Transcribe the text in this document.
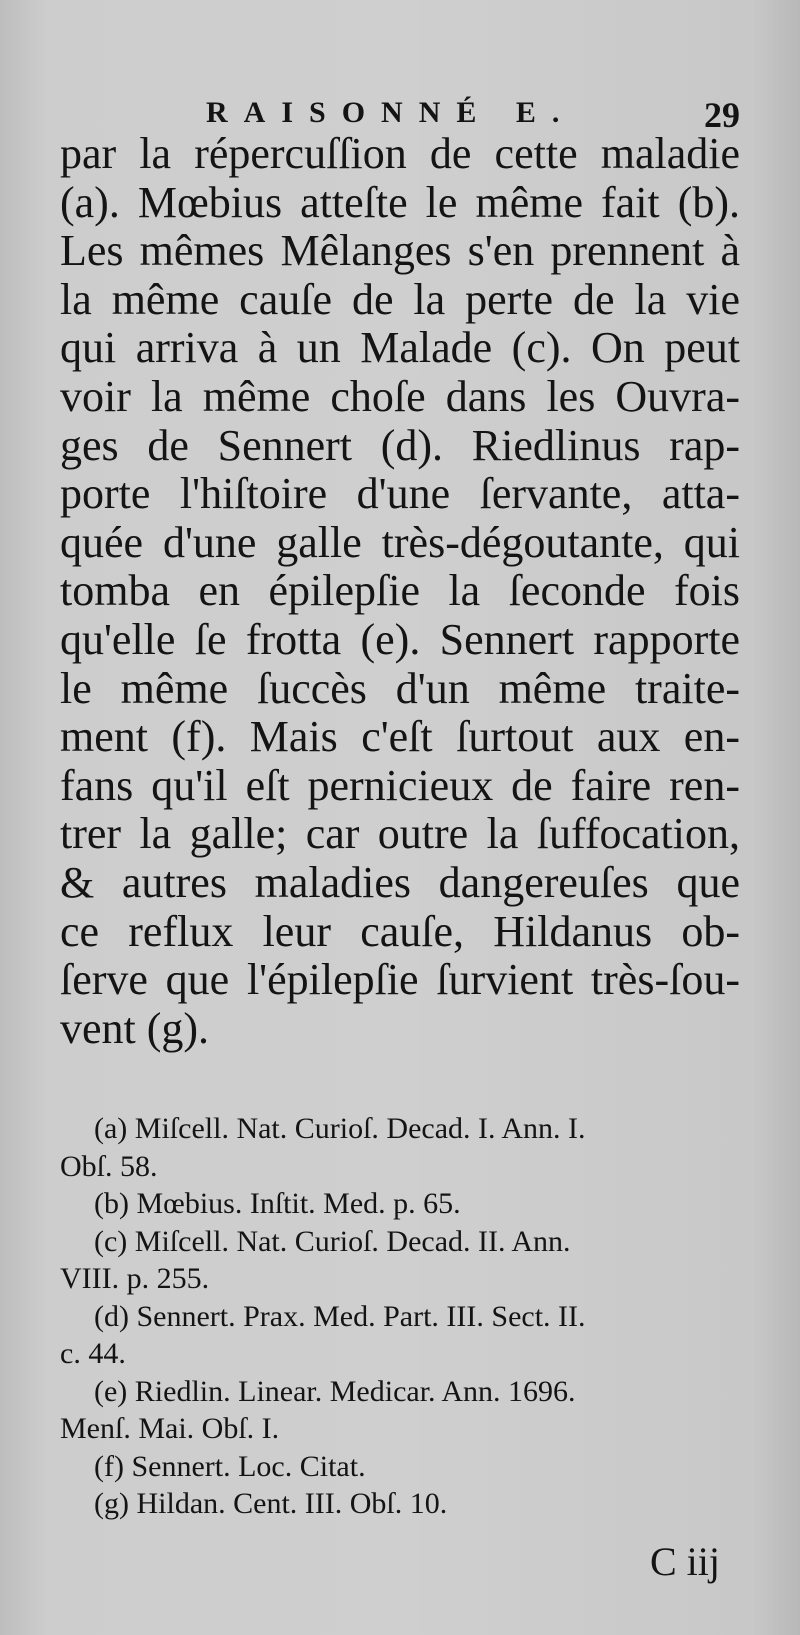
RAISONNÉ E.	29
par la répercuſſion de cette maladie
(a). Mœbius atteſte le même fait (b).
Les mêmes Mêlanges s'en prennent à
la même cauſe de la perte de la vie
qui arriva à un Malade (c). On peut
voir la même choſe dans les Ouvra-
ges de Sennert (d). Riedlinus rap-
porte l'hiſtoire d'une ſervante, atta-
quée d'une galle très-dégoutante, qui
tomba en épilepſie la ſeconde fois
qu'elle ſe frotta (e). Sennert rapporte
le même ſuccès d'un même traite-
ment (f). Mais c'eſt ſurtout aux en-
fans qu'il eſt pernicieux de faire ren-
trer la galle; car outre la ſuffocation,
& autres maladies dangereuſes que
ce reflux leur cauſe, Hildanus ob-
ſerve que l'épilepſie ſurvient très-ſou-
vent (g).
(a) Miſcell. Nat. Curioſ. Decad. I. Ann. I.
Obſ. 58.
(b) Mœbius. Inſtit. Med. p. 65.
(c) Miſcell. Nat. Curioſ. Decad. II. Ann.
VIII. p. 255.
(d) Sennert. Prax. Med. Part. III. Sect. II.
c. 44.
(e) Riedlin. Linear. Medicar. Ann. 1696.
Menſ. Mai. Obſ. I.
(f) Sennert. Loc. Citat.
(g) Hildan. Cent. III. Obſ. 10.
C iij
